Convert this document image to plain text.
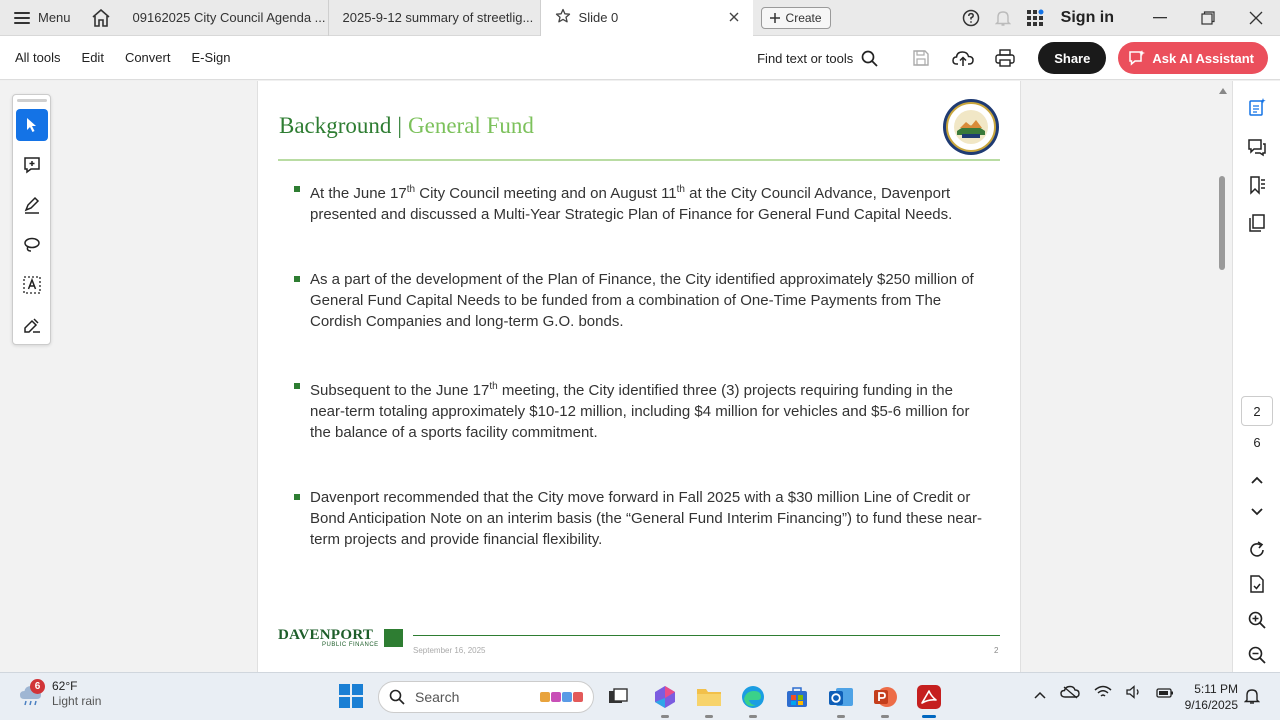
Menu	09162025 City Council Agenda ... 2025-9-12 summary of streetlig...	Slide 0	Create	Sign in
All tools Edit Convert E-Sign	Find text or tools	Share	Ask AI Assistant
Background | General Fund
At the June 17th City Council meeting and on August 11th at the City Council Advance, Davenport presented and discussed a Multi-Year Strategic Plan of Finance for General Fund Capital Needs.
As a part of the development of the Plan of Finance, the City identified approximately $250 million of General Fund Capital Needs to be funded from a combination of One-Time Payments from The Cordish Companies and long-term G.O. bonds.
Subsequent to the June 17th meeting, the City identified three (3) projects requiring funding in the near-term totaling approximately $10-12 million, including $4 million for vehicles and $5-6 million for the balance of a sports facility commitment.
Davenport recommended that the City move forward in Fall 2025 with a $30 million Line of Credit or Bond Anticipation Note on an interim basis (the “General Fund Interim Financing”) to fund these near-term projects and provide financial flexibility.
DAVENPORT
PUBLIC FINANCE
September 16, 2025	2
2
6
6 62°F
Light rain	Search	5:11 PM
9/16/2025
